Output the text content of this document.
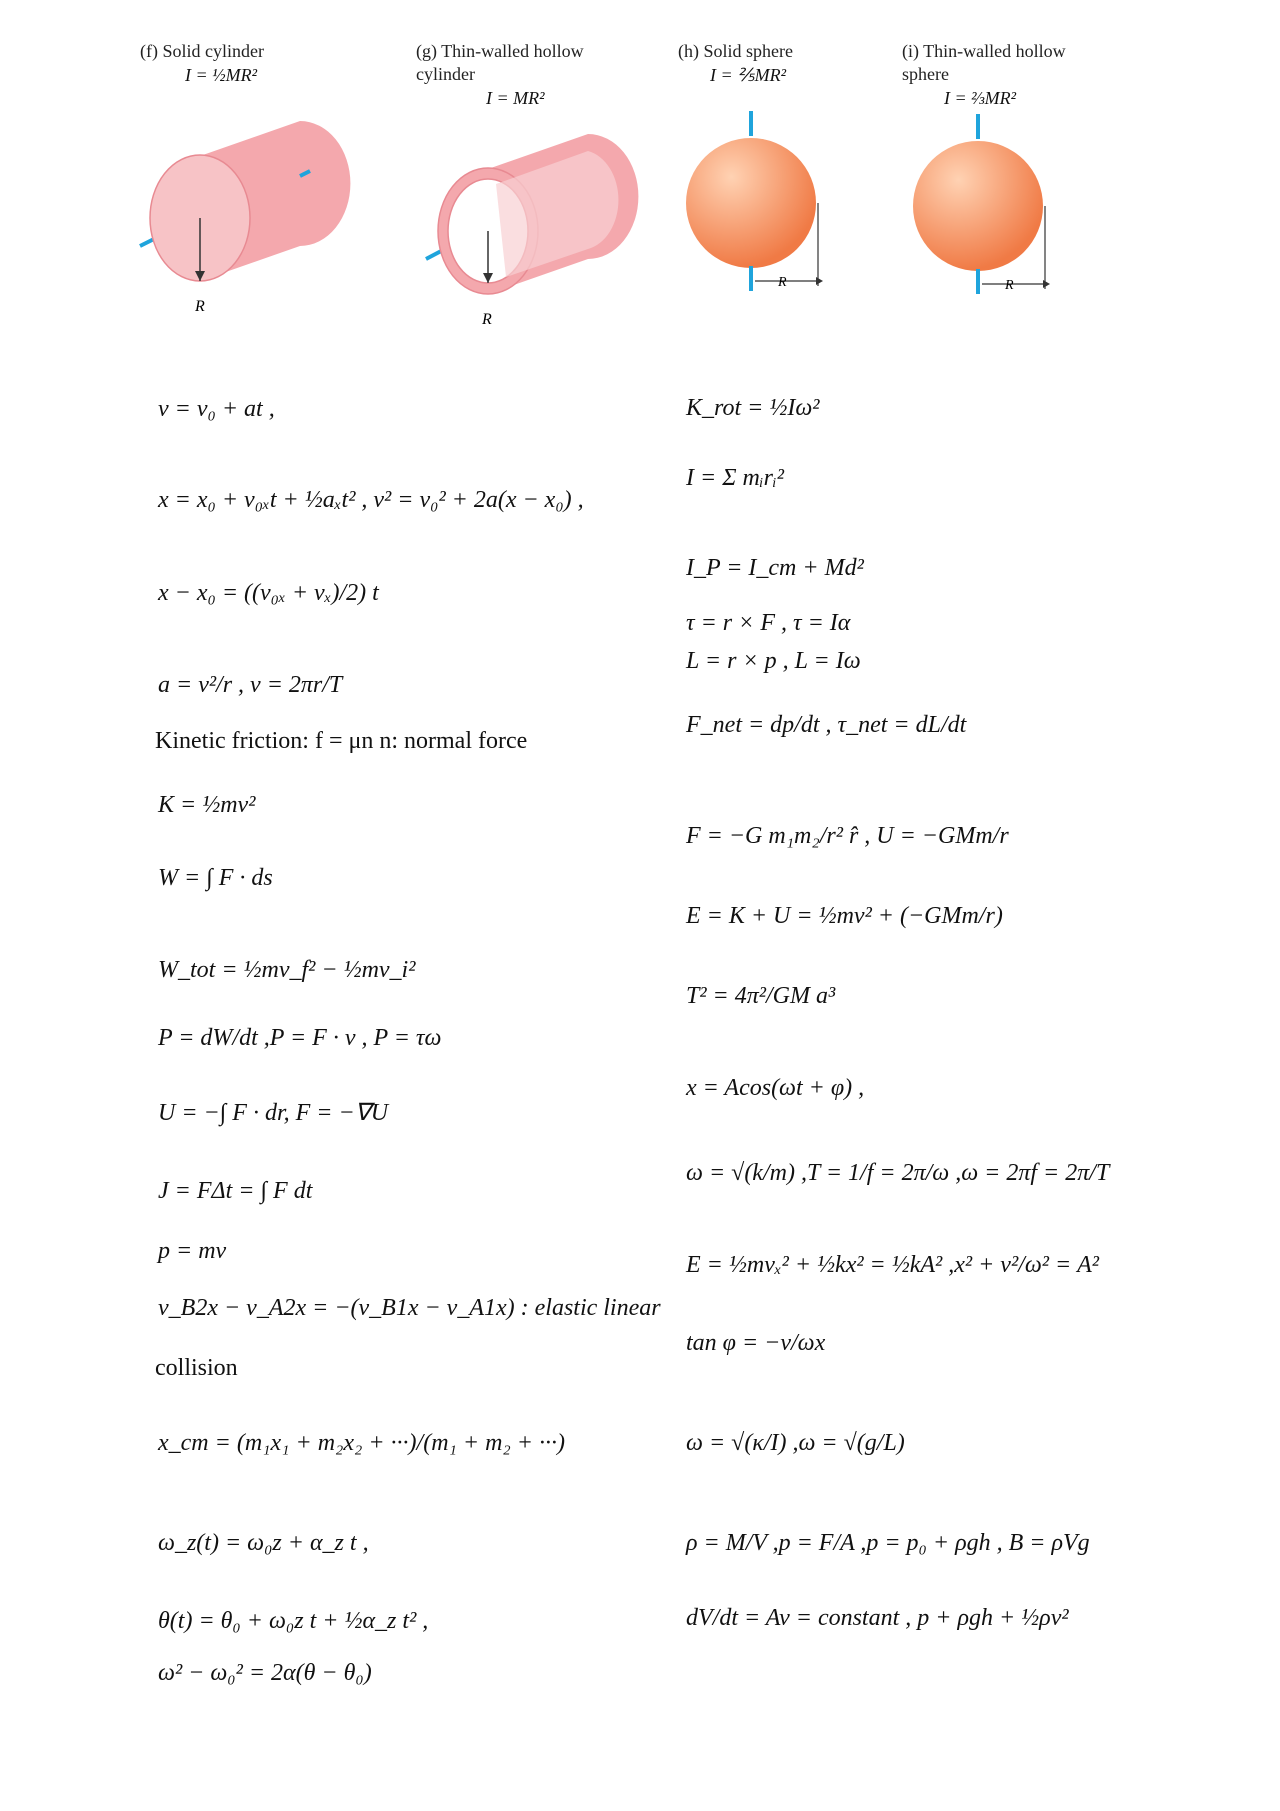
(f) Solid cylinder
I = ½MR²
R
(g) Thin-walled hollow cylinder
I = MR²
R
(h) Solid sphere
I = ⅖MR²
R
(i) Thin-walled hollow sphere
I = ⅔MR²
R
v = v₀ + at ,
x = x₀ + v₀ₓt + ½aₓt² , v² = v₀² + 2a(x − x₀) ,
x − x₀ = ((v₀ₓ + vₓ)/2) t
a = v²/r , v = 2πr/T
Kinetic friction: f = μn n: normal force
K = ½mv²
W = ∫ F · ds
W_tot = ½mv_f² − ½mv_i²
P = dW/dt ,P = F · v , P = τω
U = −∫ F · dr, F = −∇U
J = FΔt = ∫ F dt
p = mv
v_B2x − v_A2x = −(v_B1x − v_A1x) : elastic linear
collision
x_cm = (m₁x₁ + m₂x₂ + ···)/(m₁ + m₂ + ···)
ω_z(t) = ω₀z + α_z t ,
θ(t) = θ₀ + ω₀z t + ½α_z t² ,
ω² − ω₀² = 2α(θ − θ₀)
K_rot = ½Iω²
I = Σ mᵢrᵢ²
I_P = I_cm + Md²
τ = r × F , τ = Iα
L = r × p , L = Iω
F_net = dp/dt , τ_net = dL/dt
F = −G m₁m₂/r² r̂ , U = −GMm/r
E = K + U = ½mv² + (−GMm/r)
T² = 4π²/GM a³
x = Acos(ωt + φ) ,
ω = √(k/m) ,T = 1/f = 2π/ω ,ω = 2πf = 2π/T
E = ½mvₓ² + ½kx² = ½kA² ,x² + v²/ω² = A²
tan φ = −v/ωx
ω = √(κ/I) ,ω = √(g/L)
ρ = M/V ,p = F/A ,p = p₀ + ρgh , B = ρVg
dV/dt = Av = constant , p + ρgh + ½ρv²
